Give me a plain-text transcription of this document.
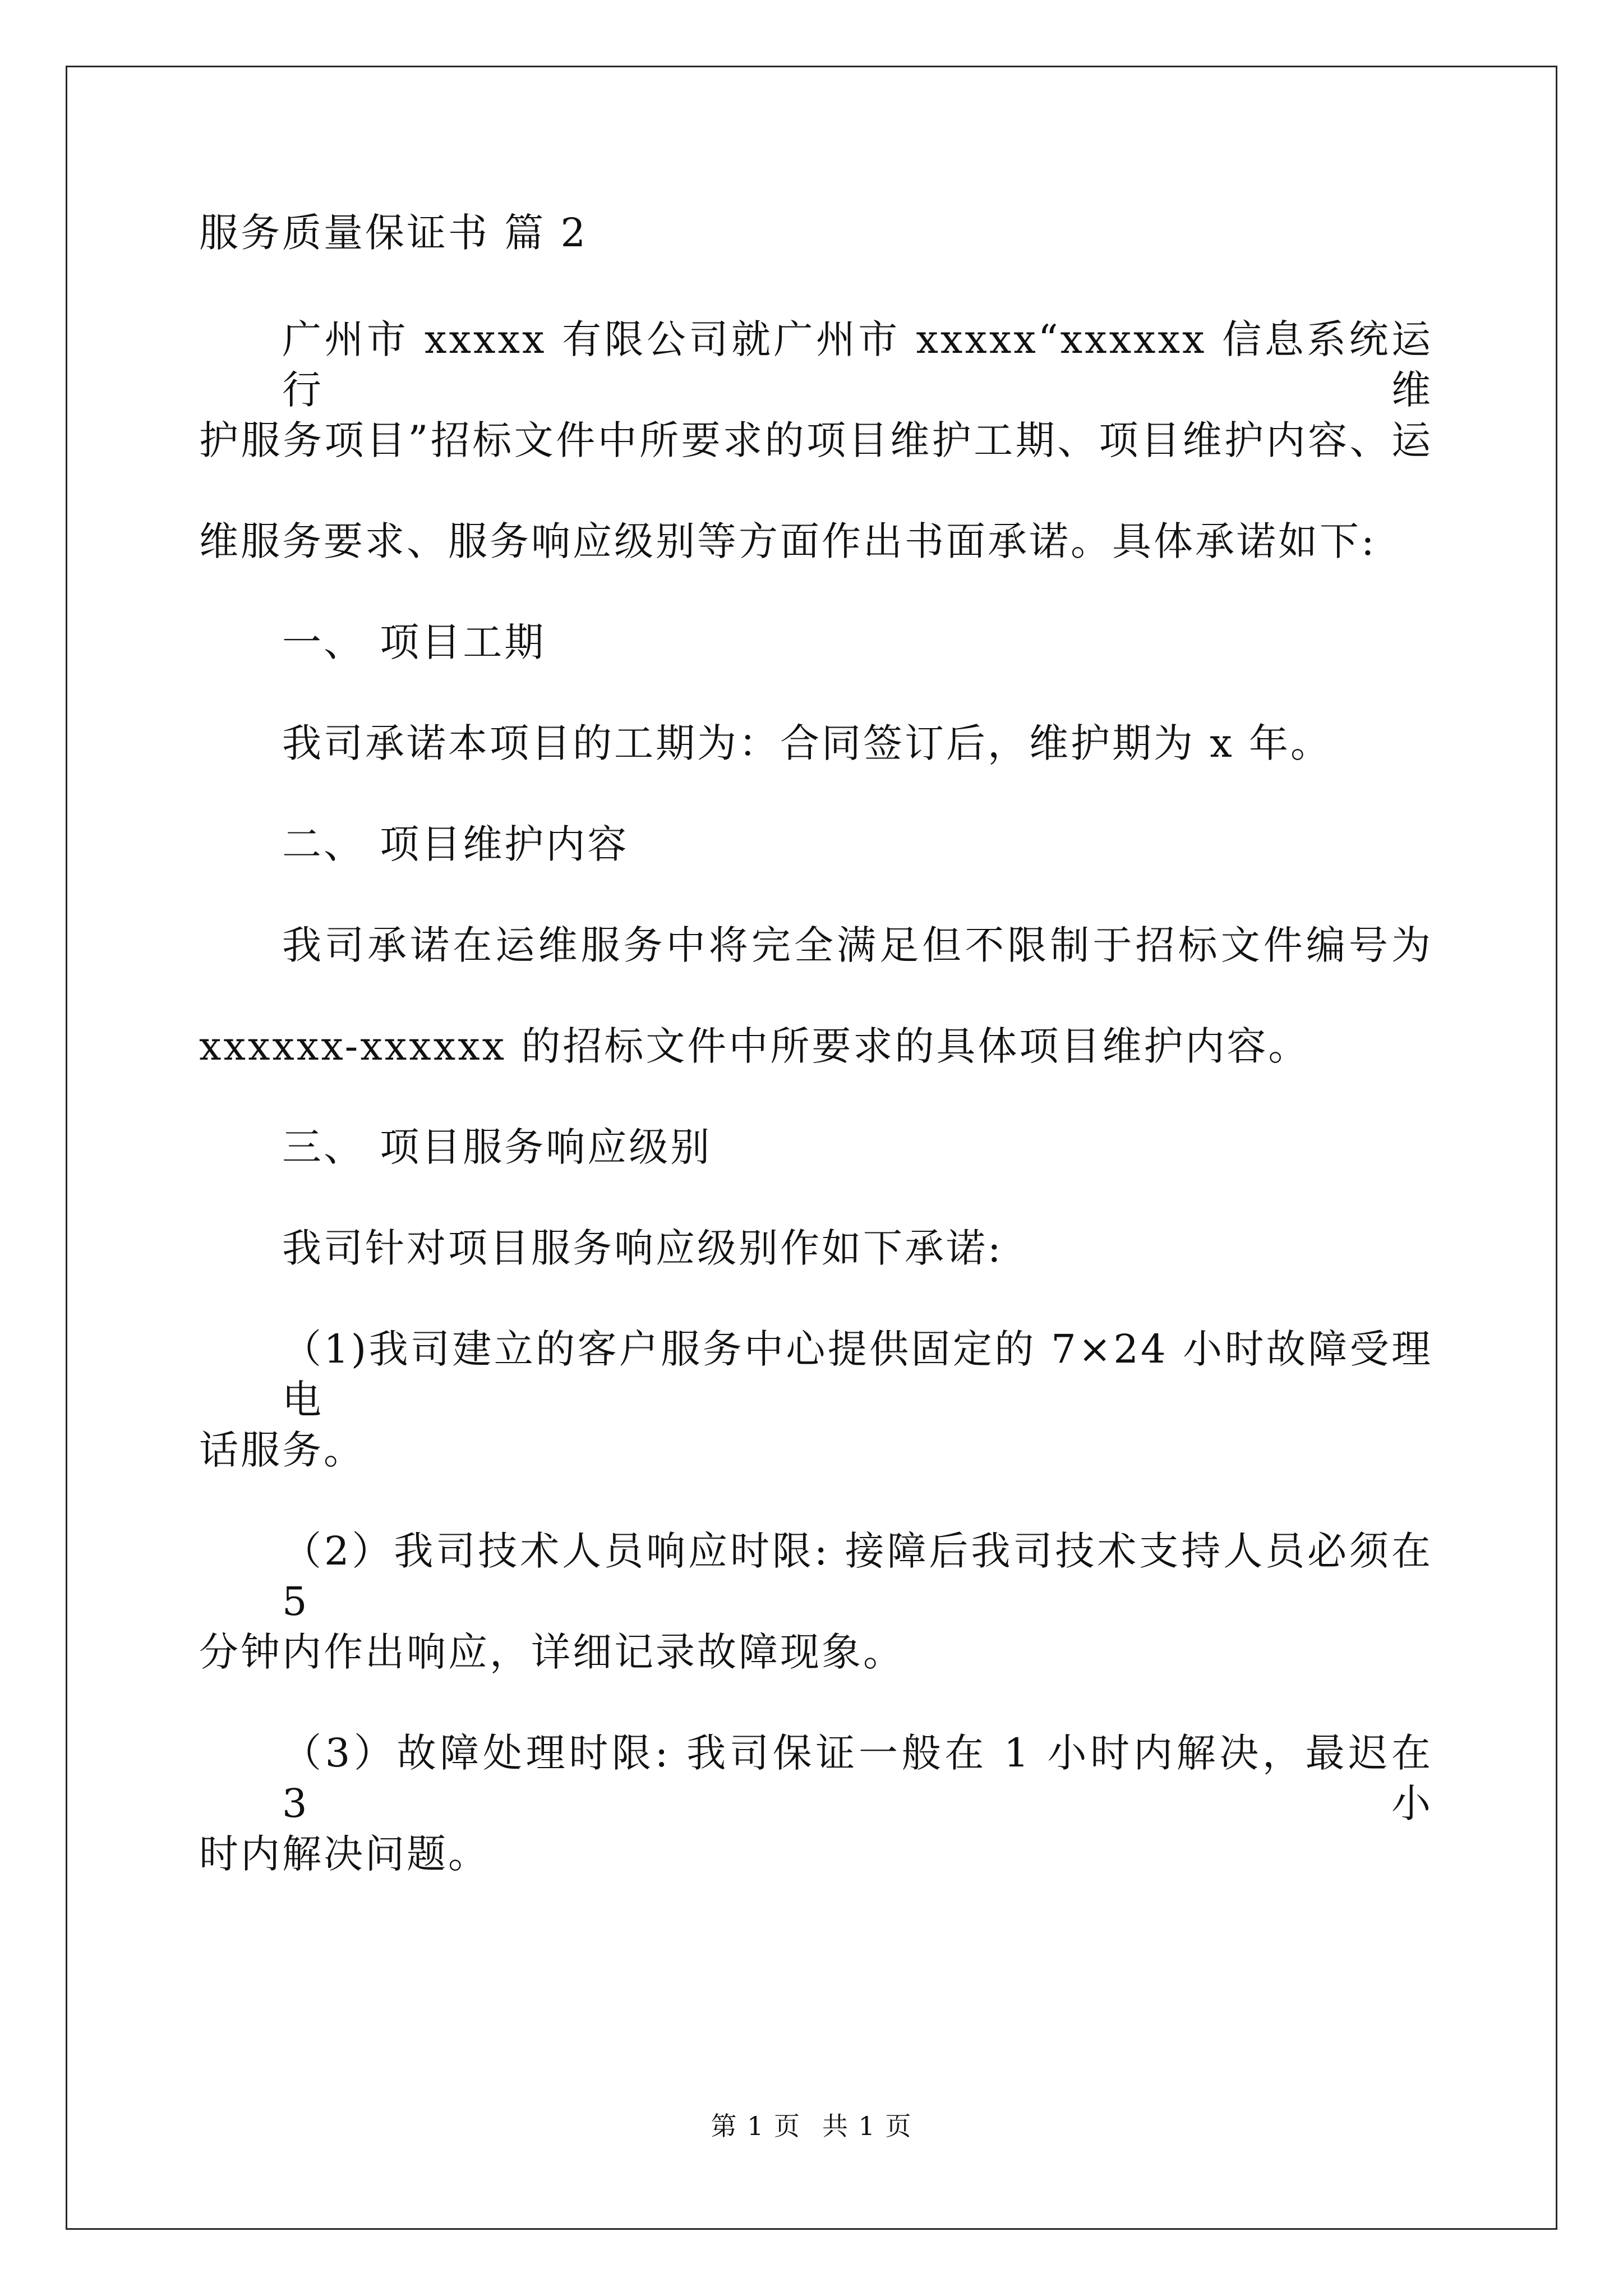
服务质量保证书 篇 2
广州市 xxxxx 有限公司就广州市 xxxxx“xxxxxx 信息系统运行维
护服务项目”招标文件中所要求的项目维护工期、项目维护内容、运
维服务要求、服务响应级别等方面作出书面承诺。具体承诺如下:
一、 项目工期
我司承诺本项目的工期为：合同签订后，维护期为 x 年。
二、 项目维护内容
我司承诺在运维服务中将完全满足但不限制于招标文件编号为
xxxxxx-xxxxxx 的招标文件中所要求的具体项目维护内容。
三、 项目服务响应级别
我司针对项目服务响应级别作如下承诺:
（1)我司建立的客户服务中心提供固定的 7×24 小时故障受理电
话服务。
（2）我司技术人员响应时限: 接障后我司技术支持人员必须在 5
分钟内作出响应，详细记录故障现象。
（3）故障处理时限: 我司保证一般在 1 小时内解决，最迟在 3 小
时内解决问题。
第 1 页 共 1 页
